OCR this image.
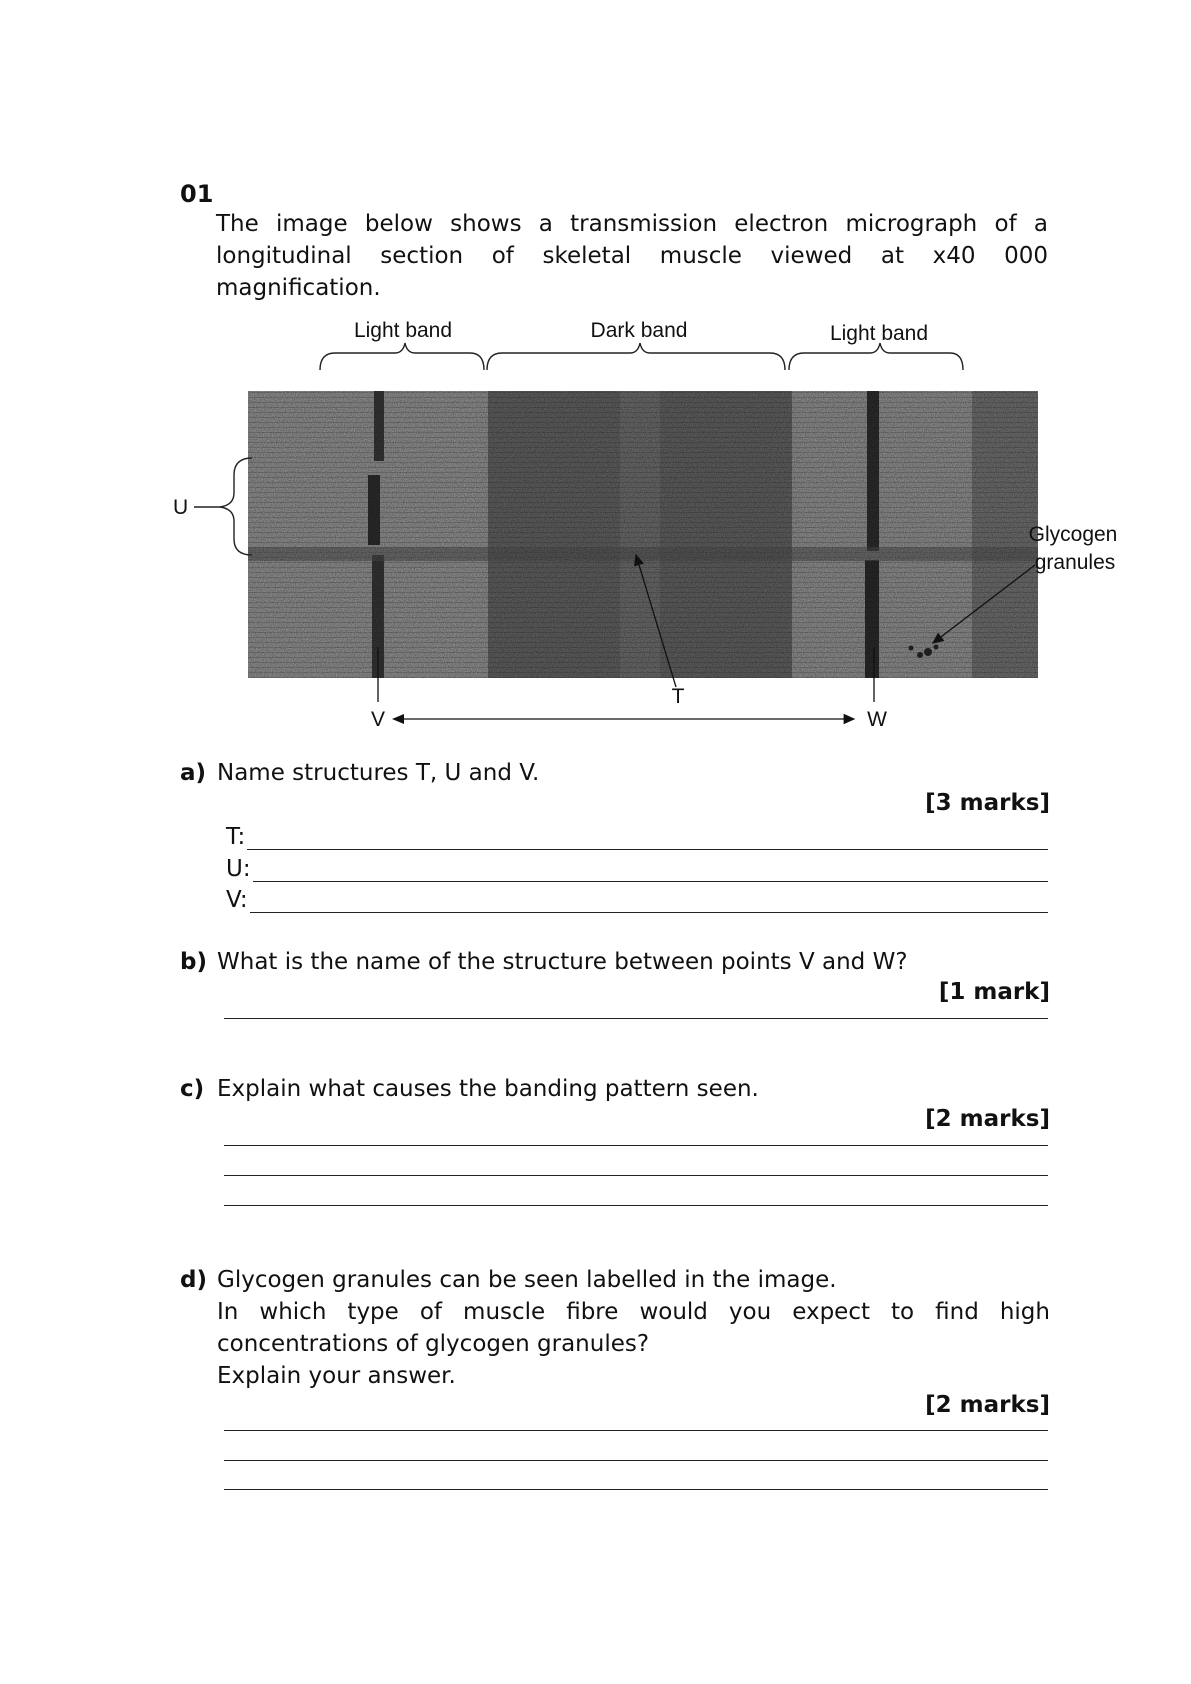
01
The image below shows a transmission electron micrograph of a longitudinal section of skeletal muscle viewed at x40 000 magnification.
Light band	Dark band	Light band
U
T
V	W
Glycogen
granules
a) Name structures T, U and V.
[3 marks]
T:
U:
V:
b) What is the name of the structure between points V and W?
[1 mark]
c) Explain what causes the banding pattern seen.
[2 marks]
d) Glycogen granules can be seen labelled in the image.
In which type of muscle fibre would you expect to find high concentrations of glycogen granules?
Explain your answer.
[2 marks]
